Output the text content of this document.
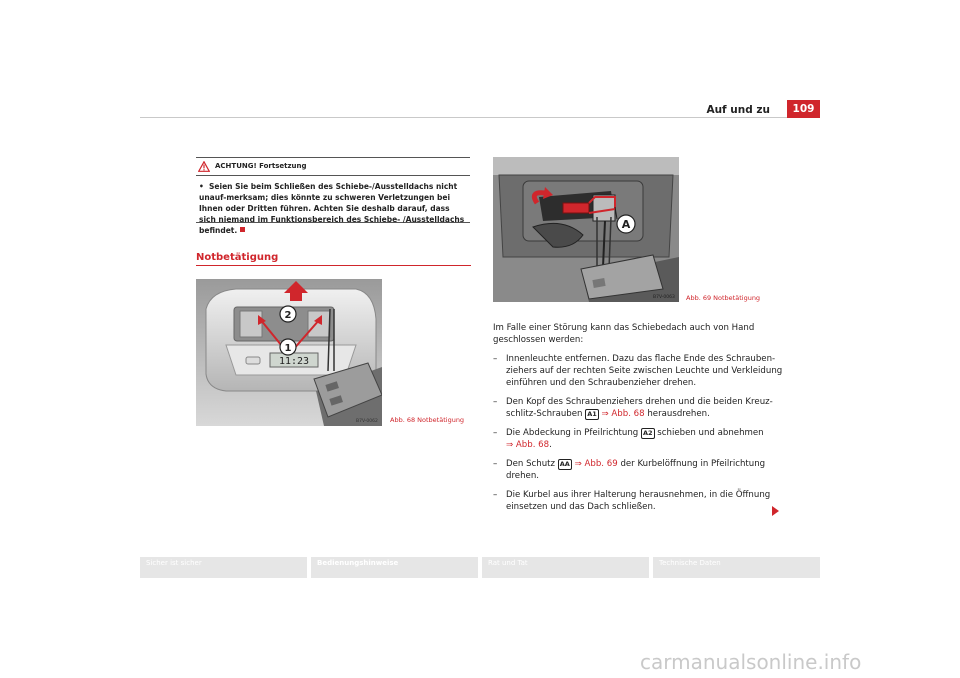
Auf und zu	109
ACHTUNG! Fortsetzung
• Seien Sie beim Schließen des Schiebe-/Ausstelldachs nicht unauf-merksam; dies könnte zu schweren Verletzungen bei Ihnen oder Dritten führen. Achten Sie deshalb darauf, dass sich niemand im Funktionsbereich des Schiebe- /Ausstelldachs befindet.
Notbetätigung
11:23
2
1
B7V-0062 Abb. 68 Notbetätigung
A
B7V-0063 Abb. 69 Notbetätigung

Im Falle einer Störung kann das Schiebedach auch von Hand geschlossen werden:

–	Innenleuchte entfernen. Dazu das flache Ende des Schrauben-ziehers auf der rechten Seite zwischen Leuchte und Verkleidung einführen und den Schraubenzieher drehen.
–	Den Kopf des Schraubenziehers drehen und die beiden Kreuz-schlitz-Schrauben A1 ⇒ Abb. 68 herausdrehen.
–	Die Abdeckung in Pfeilrichtung A2 schieben und abnehmen
⇒ Abb. 68.
–	Den Schutz AA ⇒ Abb. 69 der Kurbelöffnung in Pfeilrichtung drehen.
–	Die Kurbel aus ihrer Halterung herausnehmen, in die Öffnung einsetzen und das Dach schließen.
Sicher ist sicher	Bedienungshinweise	Rat und Tat	Technische Daten
carmanualsonline.info
